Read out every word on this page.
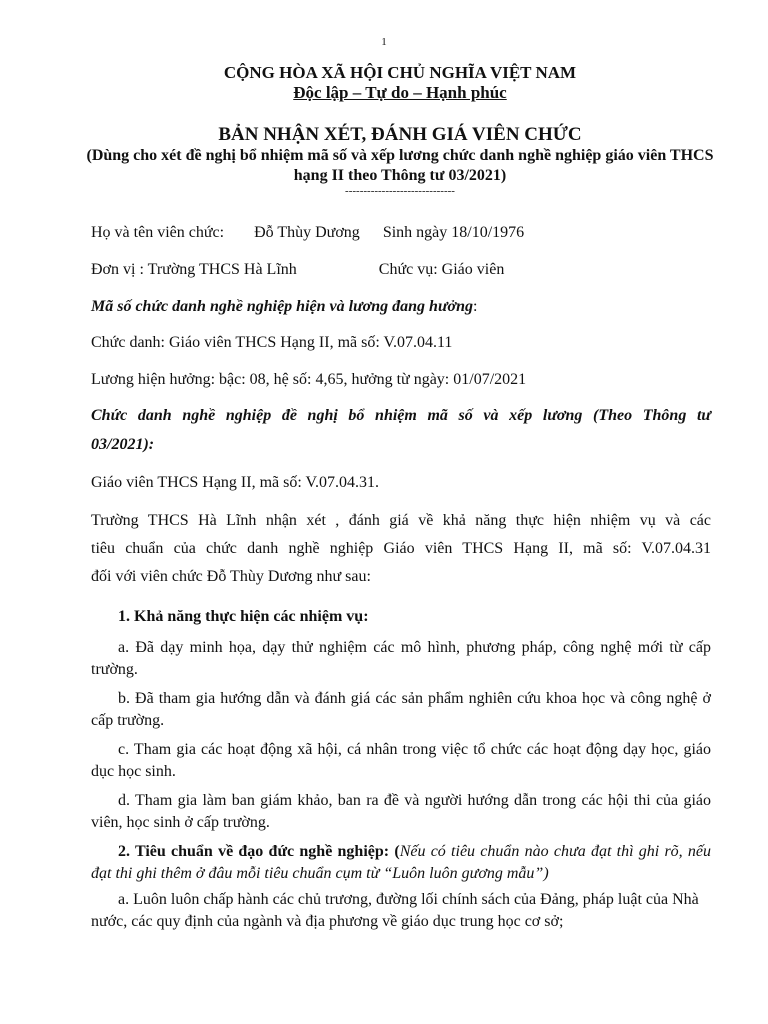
1
CỘNG HÒA XÃ HỘI CHỦ NGHĨA VIỆT NAM
Độc lập – Tự do – Hạnh phúc
BẢN NHẬN XÉT, ĐÁNH GIÁ VIÊN CHỨC
(Dùng cho xét đề nghị bổ nhiệm mã số và xếp lương chức danh nghề nghiệp giáo viên THCS hạng II theo Thông tư 03/2021)
------------------------------
Họ và tên viên chức: Đỗ Thùy Dương Sinh ngày 18/10/1976
Đơn vị : Trường THCS Hà Lĩnh	Chức vụ: Giáo viên
Mã số chức danh nghề nghiệp hiện và lương đang hưởng:
Chức danh: Giáo viên THCS Hạng II, mã số: V.07.04.11
Lương hiện hưởng: bậc: 08, hệ số: 4,65, hưởng từ ngày: 01/07/2021
Chức danh nghề nghiệp đề nghị bổ nhiệm mã số và xếp lương (Theo Thông tư
03/2021):
Giáo viên THCS Hạng II, mã số: V.07.04.31.
Trường THCS Hà Lĩnh nhận xét , đánh giá về khả năng thực hiện nhiệm vụ và các
tiêu chuẩn của chức danh nghề nghiệp Giáo viên THCS Hạng II, mã số: V.07.04.31
đối với viên chức Đỗ Thùy Dương như sau:
1. Khả năng thực hiện các nhiệm vụ:
a. Đã dạy minh họa, dạy thử nghiệm các mô hình, phương pháp, công nghệ mới từ cấp trường.
b. Đã tham gia hướng dẫn và đánh giá các sản phẩm nghiên cứu khoa học và công nghệ ở cấp trường.
c. Tham gia các hoạt động xã hội, cá nhân trong việc tổ chức các hoạt động dạy học, giáo dục học sinh.
d. Tham gia làm ban giám khảo, ban ra đề và người hướng dẫn trong các hội thi của giáo viên, học sinh ở cấp trường.
2. Tiêu chuẩn về đạo đức nghề nghiệp: (Nếu có tiêu chuẩn nào chưa đạt thì ghi rõ, nếu đạt thi ghi thêm ở đâu mỗi tiêu chuẩn cụm từ “Luôn luôn gương mẫu”)
a. Luôn luôn chấp hành các chủ trương, đường lối chính sách của Đảng, pháp luật của Nhà nước, các quy định của ngành và địa phương về giáo dục trung học cơ sở;
